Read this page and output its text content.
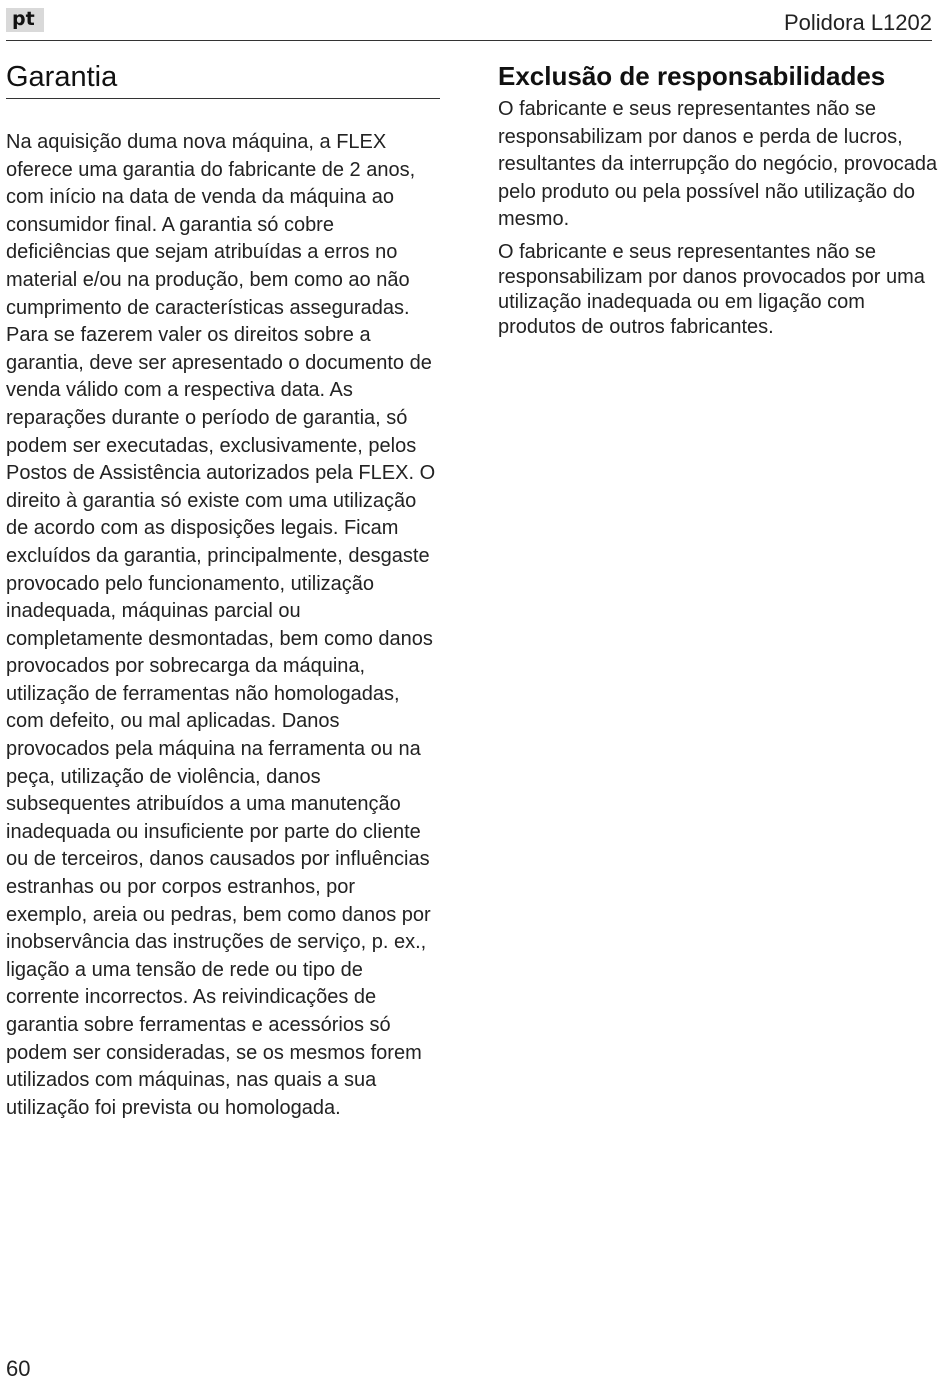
pt	Polidora L1202
Garantia

Na aquisição duma nova máquina, a FLEX oferece uma garantia do fabricante de 2 anos, com início na data de venda da máquina ao consumidor final. A garantia só cobre deficiências que sejam atribuídas a erros no material e/ou na produção, bem como ao não cumprimento de características asseguradas. Para se fazerem valer os direitos sobre a garantia, deve ser apresentado o documento de venda válido com a respectiva data. As reparações durante o período de garantia, só podem ser executadas, exclusivamente, pelos Postos de Assistência autorizados pela FLEX. O direito à garantia só existe com uma utilização de acordo com as disposições legais. Ficam excluídos da garantia, principalmente, desgaste provocado pelo funcionamento, utilização inadequada, máquinas parcial ou completamente desmontadas, bem como danos provocados por sobrecarga da máquina, utilização de ferramentas não homologadas, com defeito, ou mal aplicadas. Danos provocados pela máquina na ferramenta ou na peça, utilização de violência, danos subsequentes atribuídos a uma manutenção inadequada ou insuficiente por parte do cliente ou de terceiros, danos causados por influências estranhas ou por corpos estranhos, por exemplo, areia ou pedras, bem como danos por inobservância das instruções de serviço, p. ex., ligação a uma tensão de rede ou tipo de corrente incorrectos. As reivindicações de garantia sobre ferramentas e acessórios só podem ser consideradas, se os mesmos forem utilizados com máquinas, nas quais a sua utilização foi prevista ou homologada.

Exclusão de responsabilidades

O fabricante e seus representantes não se responsabilizam por danos e perda de lucros, resultantes da interrupção do negócio, provocada pelo produto ou pela possível não utilização do mesmo.

O fabricante e seus representantes não se responsabilizam por danos provocados por uma utilização inadequada ou em ligação com produtos de outros fabricantes.

60
